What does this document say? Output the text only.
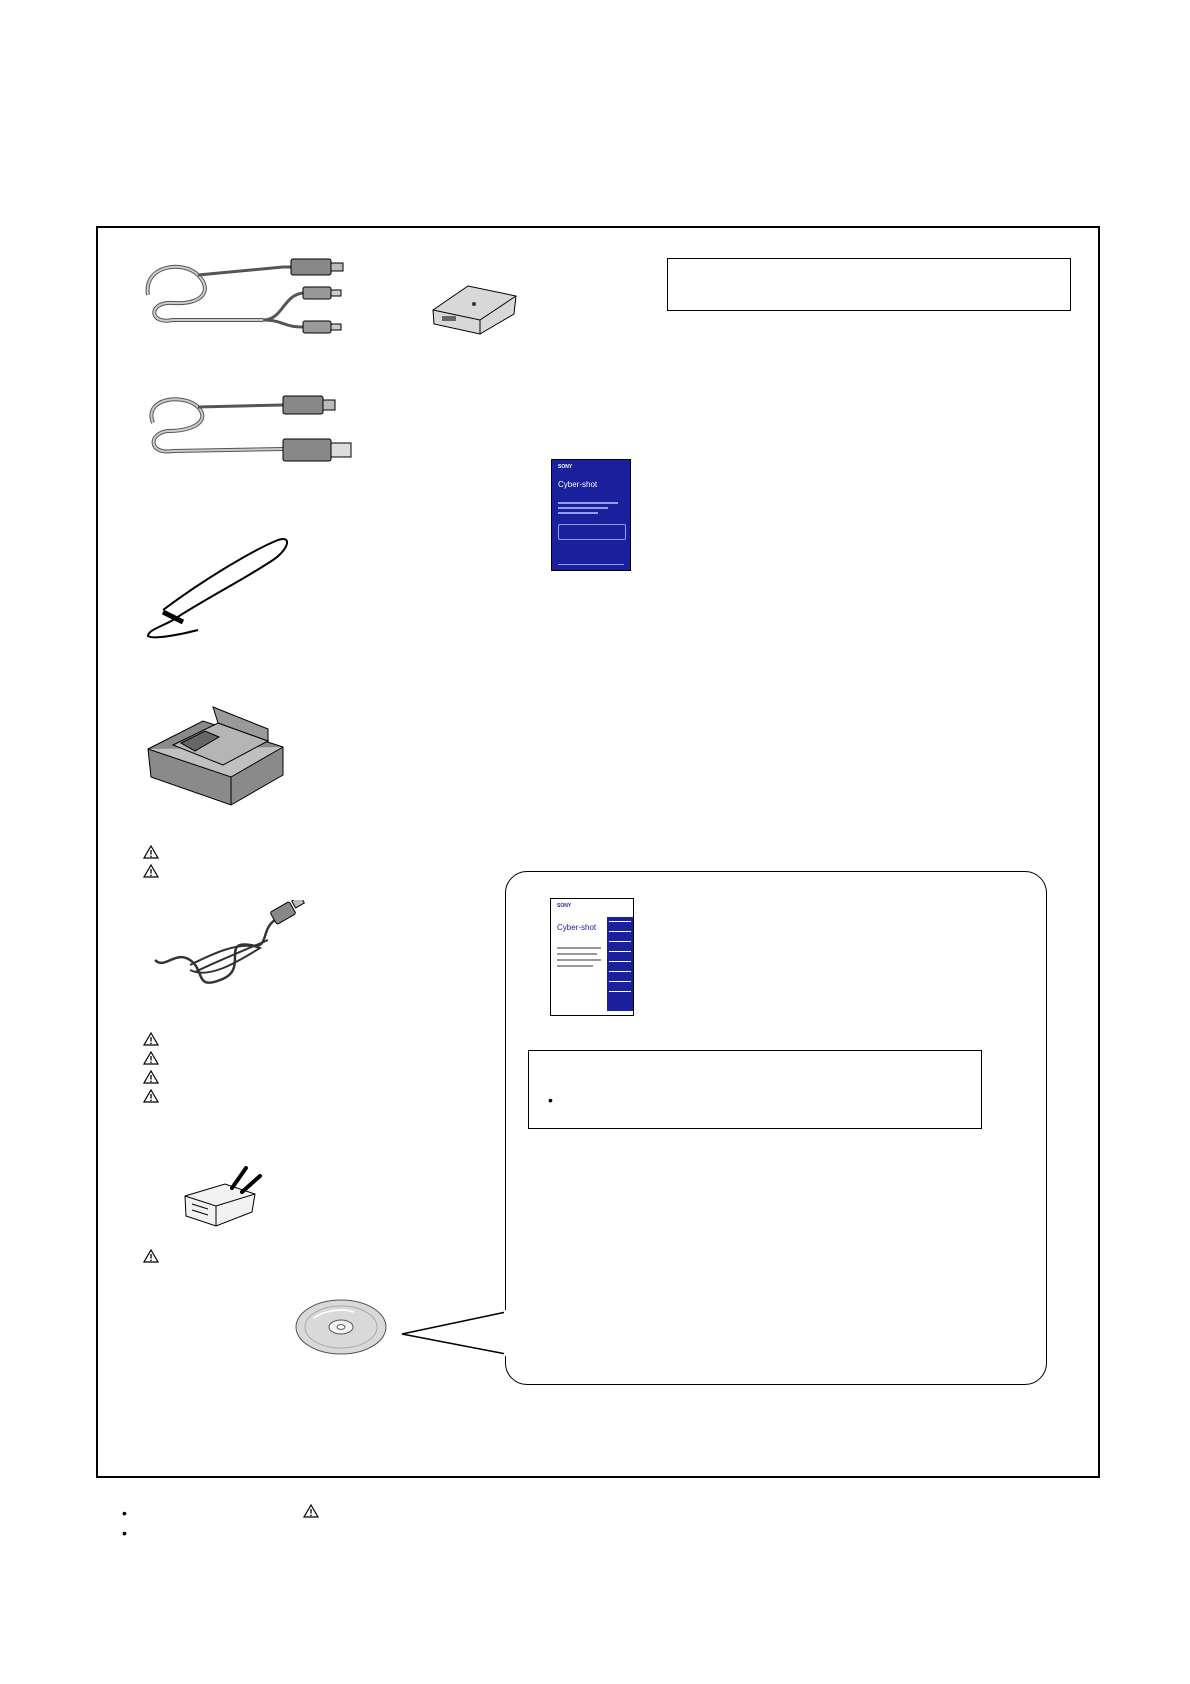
SONY
Cyber-shot
SONY
Cyber-shot
•
•
•
